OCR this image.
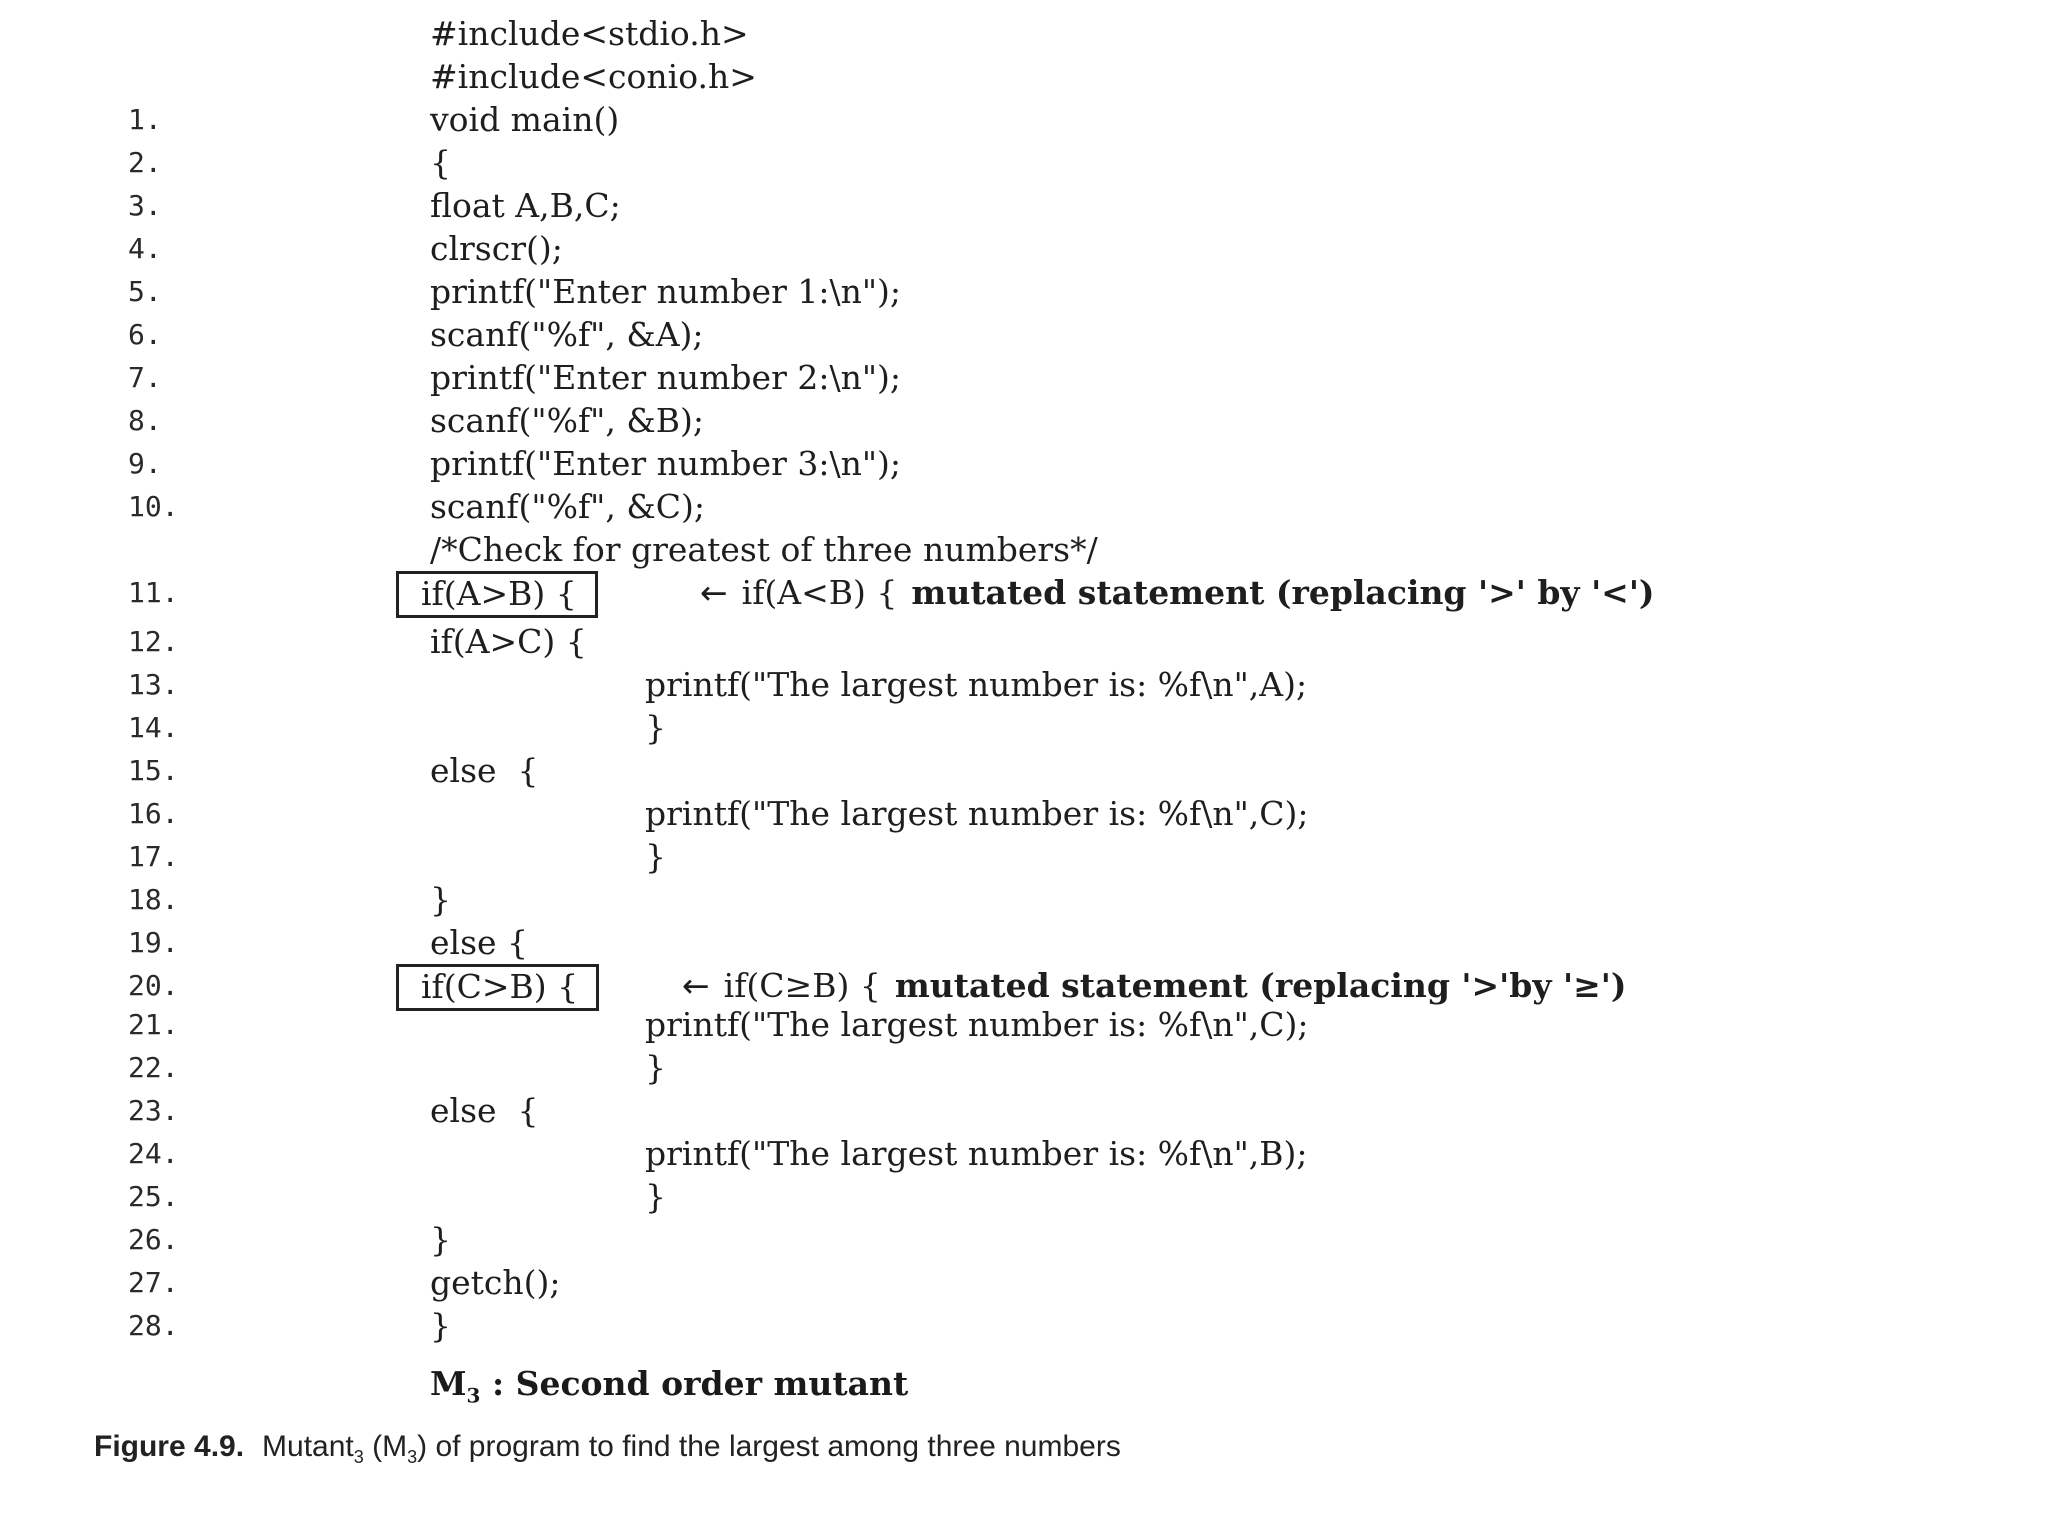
#include<stdio.h>
#include<conio.h>
1.	void main()
2.	{
3.	float A,B,C;
4.	clrscr();
5.	printf("Enter number 1:\n");
6.	scanf("%f", &A);
7.	printf("Enter number 2:\n");
8.	scanf("%f", &B);
9.	printf("Enter number 3:\n");
10.	scanf("%f", &C);
/*Check for greatest of three numbers*/
11.	if(A>B) {	← if(A<B) { mutated statement (replacing '>' by '<')
12.	if(A>C) {
13.	printf("The largest number is: %f\n",A);
14.	}
15.	else  {
16.	printf("The largest number is: %f\n",C);
17.	}
18.	}
19.	else {
20.	if(C>B) {	← if(C≥B) { mutated statement (replacing '>'by '≥')
21.	printf("The largest number is: %f\n",C);
22.	}
23.	else  {
24.	printf("The largest number is: %f\n",B);
25.	}
26.	}
27.	getch();
28.	}
$M_3$ : Second order mutant
Figure 4.9. Mutant$_3$ $(M_3)$ of program to find the largest among three numbers
